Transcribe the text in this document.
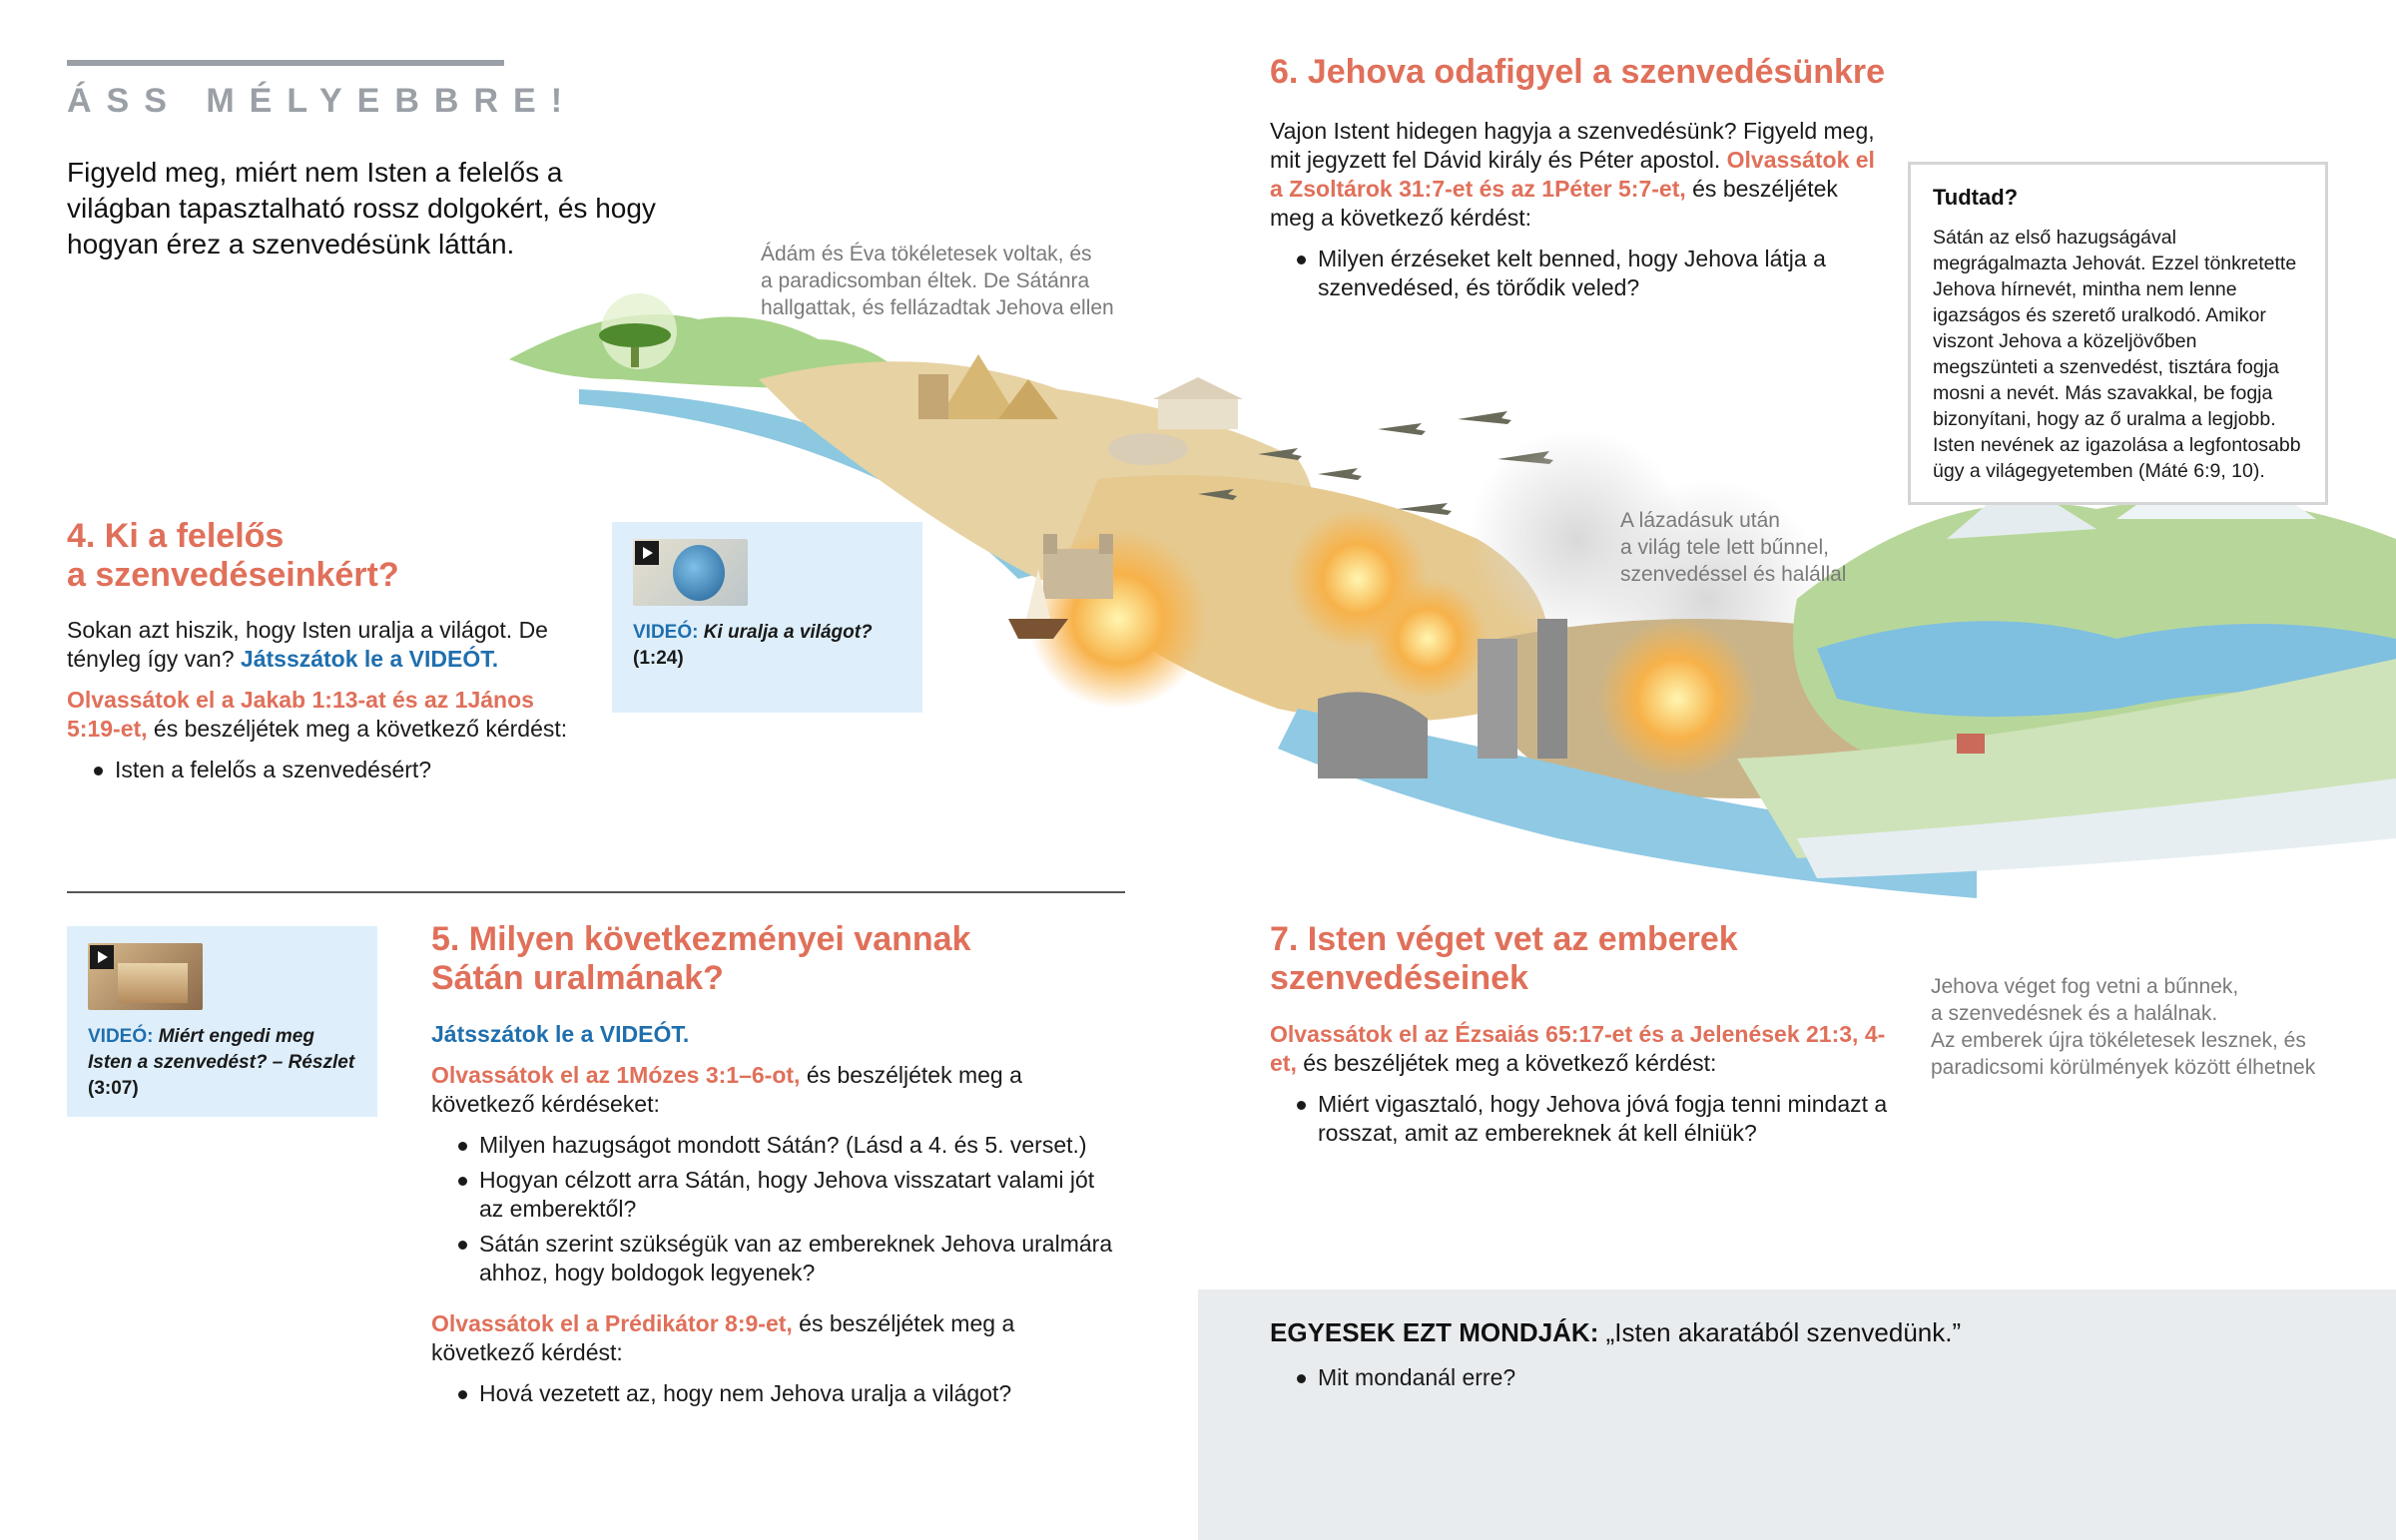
ÁSS MÉLYEBBRE!
Figyeld meg, miért nem Isten a felelős a világban tapasztalható rossz dolgokért, és hogy hogyan érez a szenvedésünk láttán.	Ádám és Éva tökéletesek voltak, és
a paradicsomban éltek. De Sátánra
hallgattak, és fellázadtak Jehova ellen
A lázadásuk után
a világ tele lett bűnnel,
szenvedéssel és halállal
Jehova véget fog vetni a bűnnek,
a szenvedésnek és a halálnak.
Az emberek újra tökéletesek lesznek, és
paradicsomi körülmények között élhetnek
4. Ki a felelős
a szenvedéseinkért?

Sokan azt hiszik, hogy Isten uralja a világot. De tényleg így van? Játsszátok le a VIDEÓT.

Olvassátok el a Jakab 1:13-at és az 1János 5:19-et, és beszéljétek meg a következő kérdést:

Isten a felelős a szenvedésért?
VIDEÓ: Ki uralja a világot?
(1:24)
VIDEÓ: Miért engedi meg Isten a szenvedést? – Részlet
(3:07)
5. Milyen következményei vannak
Sátán uralmának?

Játsszátok le a VIDEÓT.

Olvassátok el az 1Mózes 3:1–6-ot, és beszéljétek meg a következő kérdéseket:

Milyen hazugságot mondott Sátán? (Lásd a 4. és 5. verset.)
Hogyan célzott arra Sátán, hogy Jehova visszatart valami jót az emberektől?
Sátán szerint szükségük van az embereknek Jehova uralmára ahhoz, hogy boldogok legyenek?

Olvassátok el a Prédikátor 8:9-et, és beszéljétek meg a következő kérdést:

Hová vezetett az, hogy nem Jehova uralja a világot?
6. Jehova odafigyel a szenvedésünkre

Vajon Istent hidegen hagyja a szenvedésünk? Figyeld meg, mit jegyzett fel Dávid király és Péter apostol. Olvassátok el a Zsoltárok 31:7-et és az 1Péter 5:7-et, és beszéljétek meg a következő kérdést:

Milyen érzéseket kelt benned, hogy Jehova látja a szenvedésed, és törődik veled?
Tudtad?

Sátán az első hazugságával megrágalmazta Jehovát. Ezzel tönkretette Jehova hírnevét, mintha nem lenne igazságos és szerető uralkodó. Amikor viszont Jehova a közeljövőben megszünteti a szenvedést, tisztára fogja mosni a nevét. Más szavakkal, be fogja bizonyítani, hogy az ő uralma a legjobb. Isten nevének az igazolása a legfontosabb ügy a világegyetemben (Máté 6:9, 10).

7. Isten véget vet az emberek
szenvedéseinek

Olvassátok el az Ézsaiás 65:17-et és a Jelenések 21:3, 4-et, és beszéljétek meg a következő kérdést:

Miért vigasztaló, hogy Jehova jóvá fogja tenni mindazt a rosszat, amit az embereknek át kell élniük?
EGYESEK EZT MONDJÁK: „Isten akaratából szenvedünk.”
Mit mondanál erre?
